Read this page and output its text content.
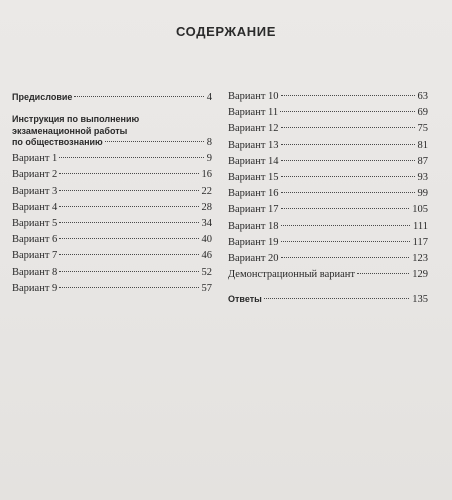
СОДЕРЖАНИЕ
Предисловие	4
Инструкция по выполнению
экзаменационной работы
по обществознанию	8
Вариант 1	9
Вариант 2	16
Вариант 3	22
Вариант 4	28
Вариант 5	34
Вариант 6	40
Вариант 7	46
Вариант 8	52
Вариант 9	57
Вариант 10	63
Вариант 11	69
Вариант 12	75
Вариант 13	81
Вариант 14	87
Вариант 15	93
Вариант 16	99
Вариант 17	105
Вариант 18	111
Вариант 19	117
Вариант 20	123
Демонстрационный вариант	129
Ответы	135
